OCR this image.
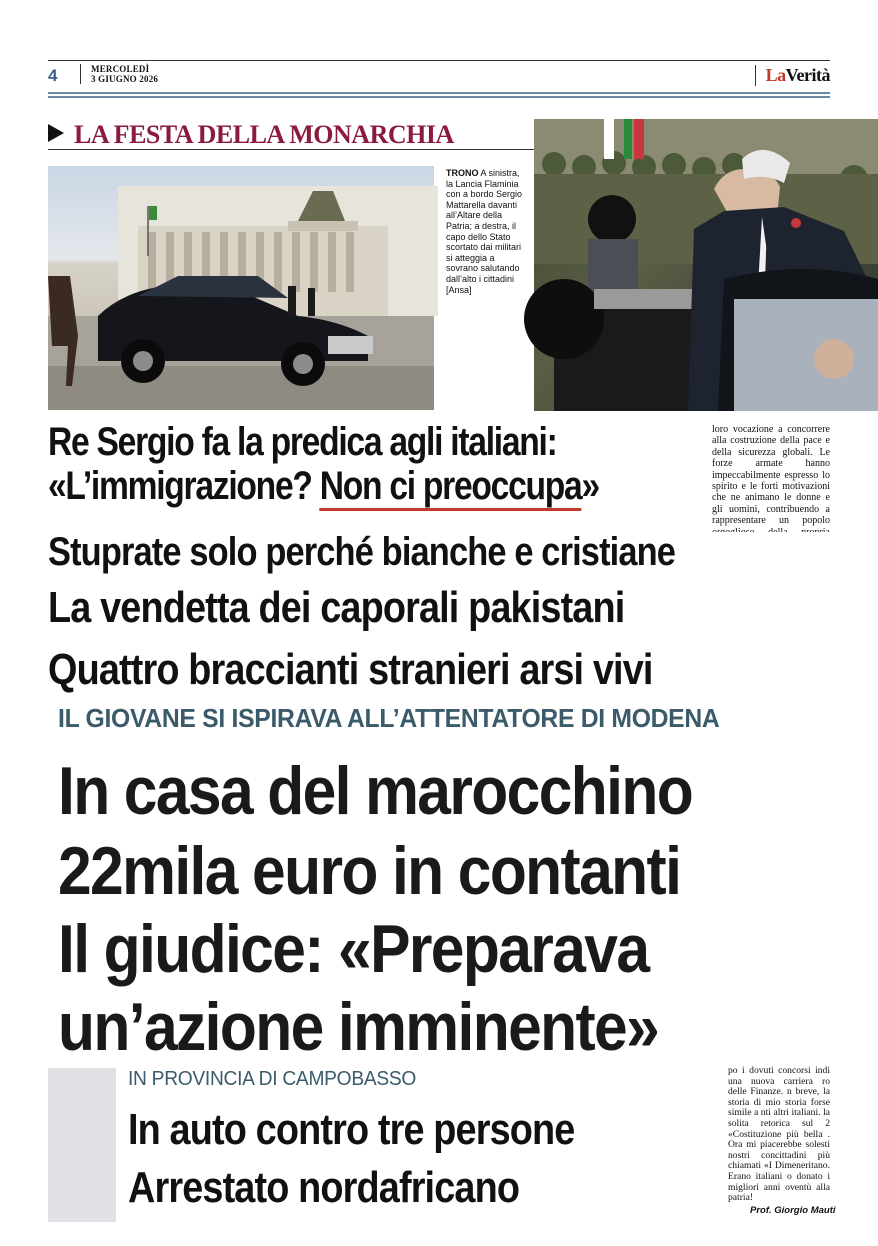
4	MERCOLEDÌ
3 GIUGNO 2026	LaVerità
LA FESTA DELLA MONARCHIA
TRONO A sinistra, la Lancia Flaminia con a bordo Sergio Mattarella davanti all’Altare della Patria; a destra, il capo dello Stato scortato dai militari si atteggia a sovrano salutando dall’alto i cittadini [Ansa]
Re Sergio fa la predica agli italiani:
«L’immigrazione? Non ci preoccupa»
loro vocazione a concorrere alla costruzione della pace e della sicurezza globali. Le forze armate hanno impeccabilmente espresso lo spirito e le forti motivazioni che ne animano le donne e gli uomini, contribuendo a rappresentare un popolo
Stuprate solo perché bianche e cristiane
La vendetta dei caporali pakistani
Quattro braccianti stranieri arsi vivi
IL GIOVANE SI ISPIRAVA ALL’ATTENTATORE DI MODENA
In casa del marocchino
22mila euro in contanti
Il giudice: «Preparava
un’azione imminente»
IN PROVINCIA DI CAMPOBASSO
In auto contro tre persone
Arrestato nordafricano
po i dovuti concorsi indi una nuova carriera ro delle Finanze. n breve, la storia di mio storia forse simile a nti altri italiani. la solita retorica sul 2 «Costituzione più bella . Ora mi piacerebbe solesti nostri concittadini più chiamati «I Dimeneritano. Erano italiani o donato i migliori anni oventù alla patria!
Prof. Giorgio Mauti
